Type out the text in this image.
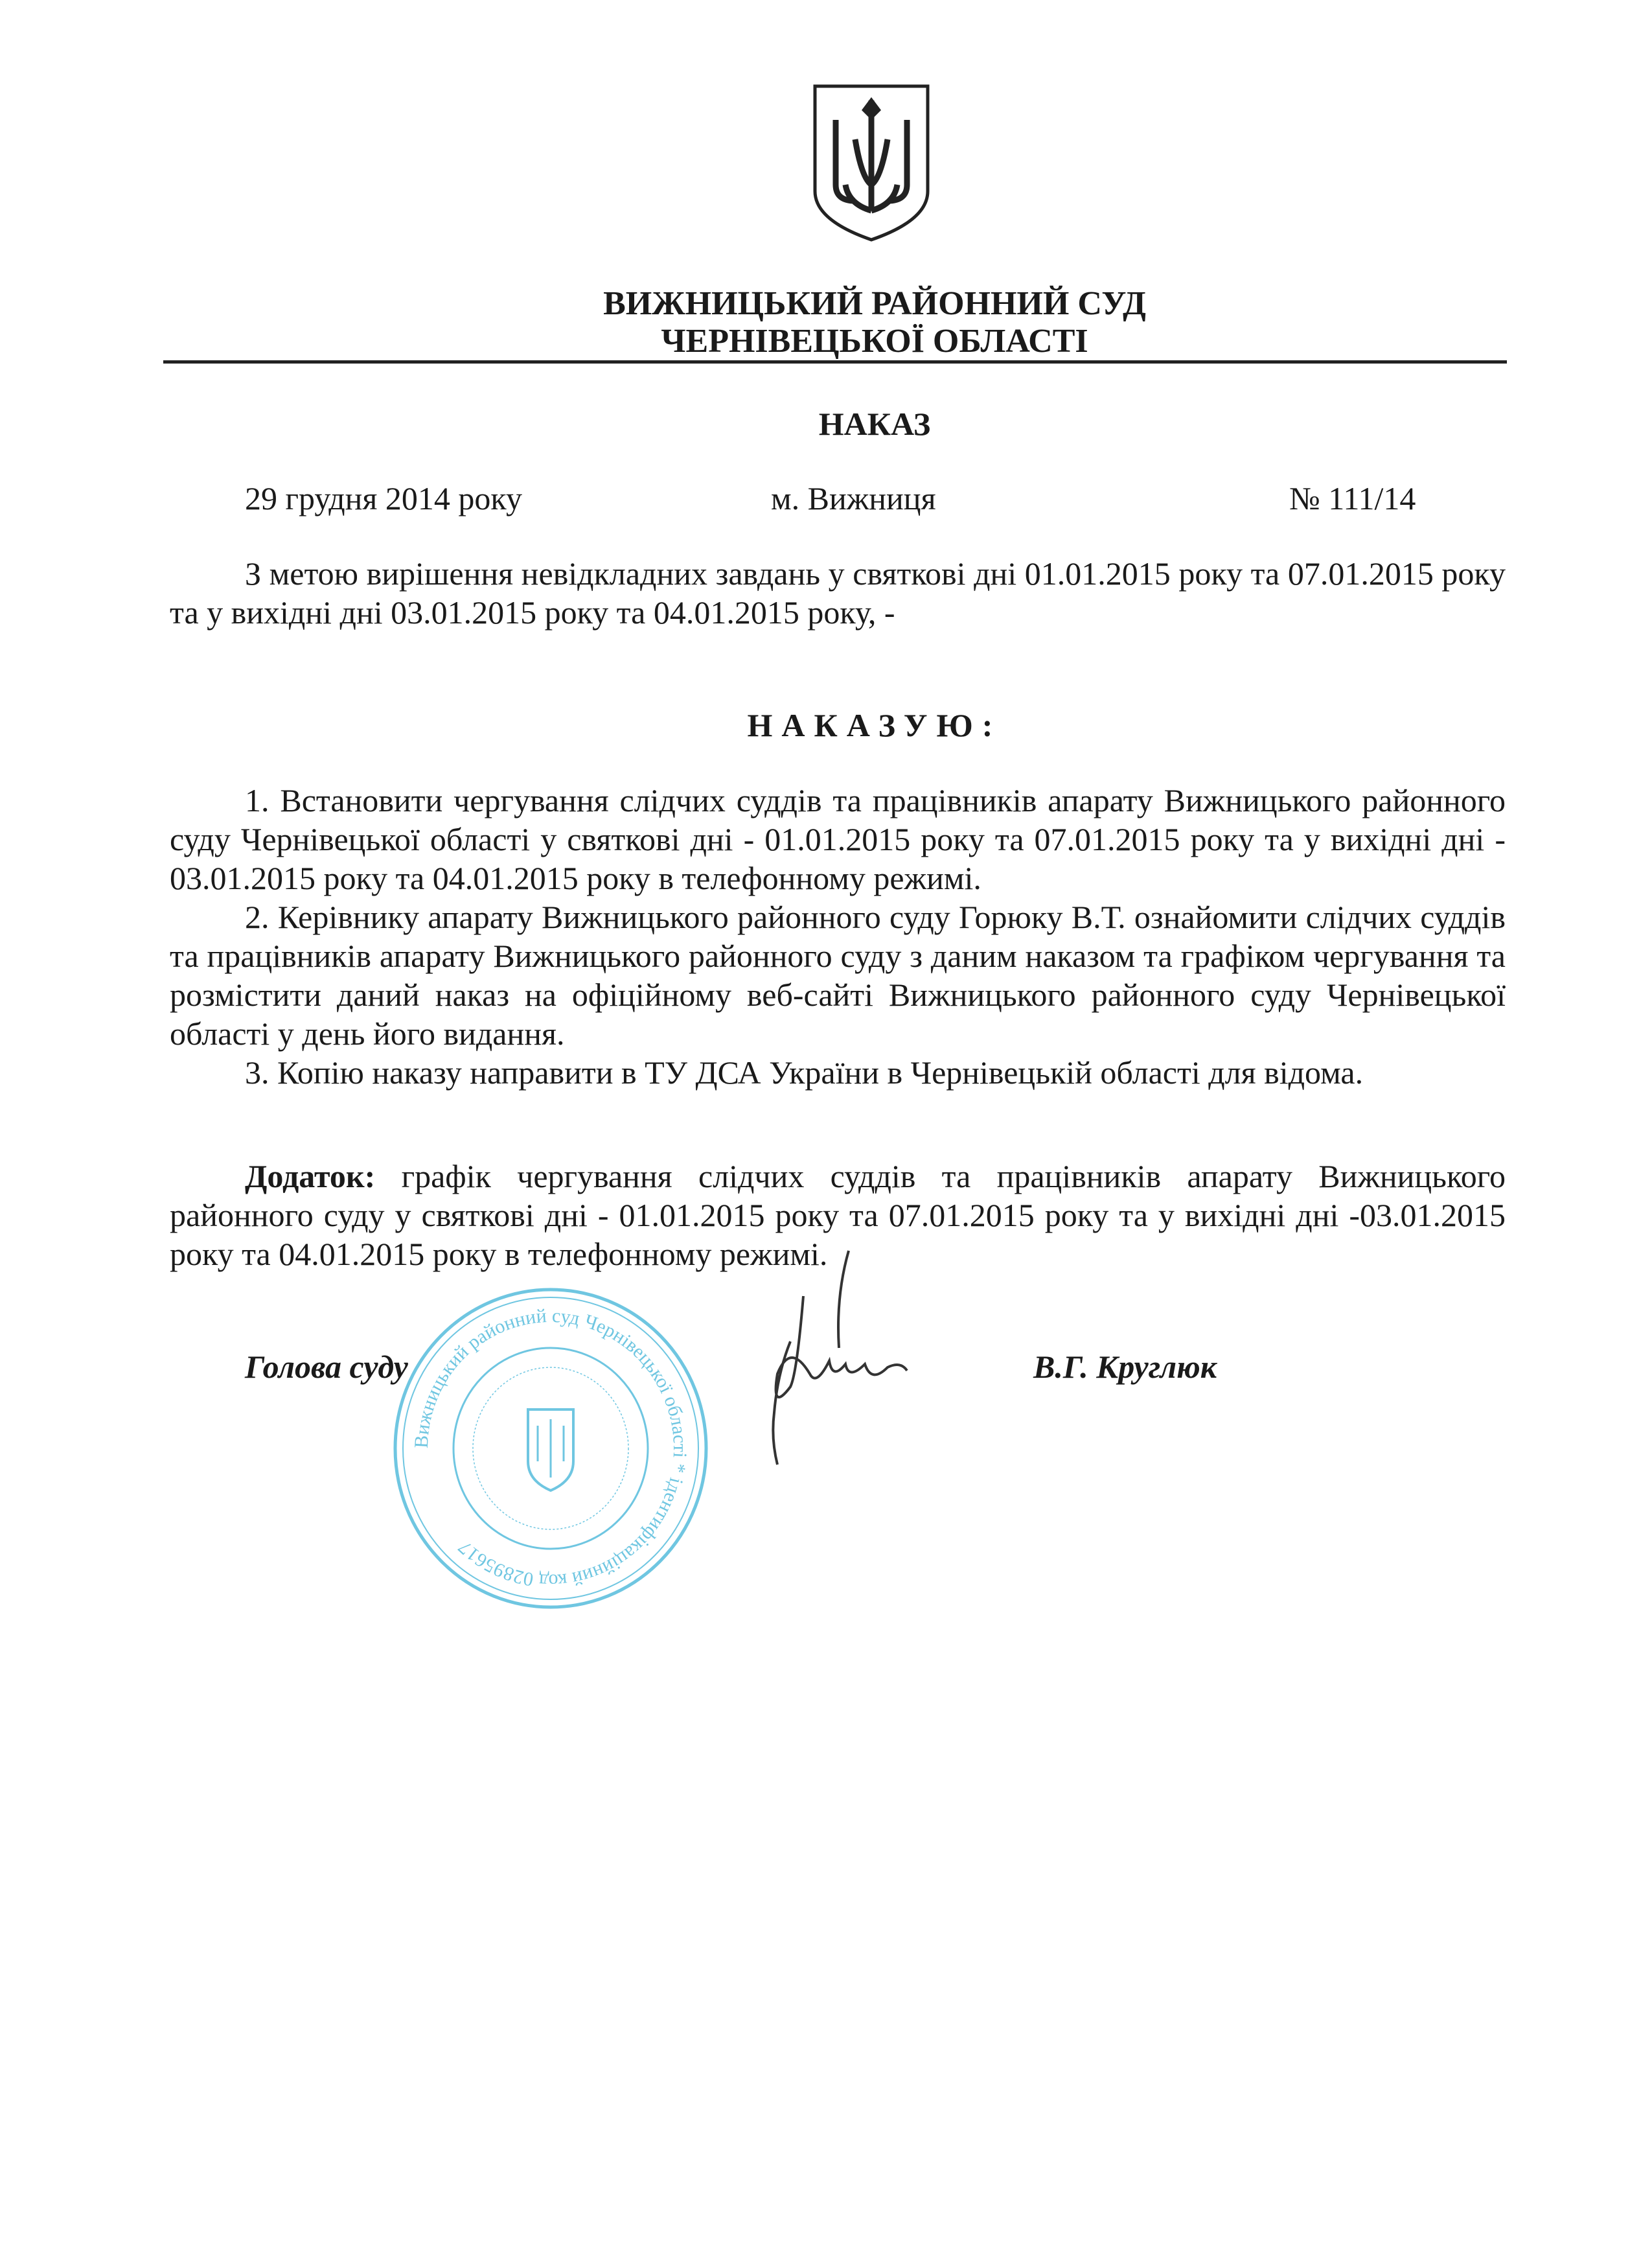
ВИЖНИЦЬКИЙ РАЙОННИЙ СУД
ЧЕРНІВЕЦЬКОЇ ОБЛАСТІ
НАКАЗ
29 грудня 2014 року	м. Вижниця	№ 111/14

З метою вирішення невідкладних завдань у святкові дні 01.01.2015 року та 07.01.2015 року та у вихідні дні 03.01.2015 року та 04.01.2015 року, -

НАКАЗУЮ:

1. Встановити чергування слідчих суддів та працівників апарату Вижницького районного суду Чернівецької області у святкові дні - 01.01.2015 року та 07.01.2015 року та у вихідні дні - 03.01.2015 року та 04.01.2015 року в телефонному режимі.

2. Керівнику апарату Вижницького районного суду Горюку В.Т. ознайомити слідчих суддів та працівників апарату Вижницького районного суду з даним наказом та графіком чергування та розмістити даний наказ на офіційному веб-сайті Вижницького районного суду Чернівецької області у день його видання.

3. Копію наказу направити в ТУ ДСА України в Чернівецькій області для відома.

Додаток: графік чергування слідчих суддів та працівників апарату Вижницького районного суду у святкові дні - 01.01.2015 року та 07.01.2015 року та у вихідні дні -03.01.2015 року та 04.01.2015 року в телефонному режимі.

Вижницький районний суд Чернівецької області * ідентифікаційний код 02895617
Голова суду	В.Г. Круглюк
